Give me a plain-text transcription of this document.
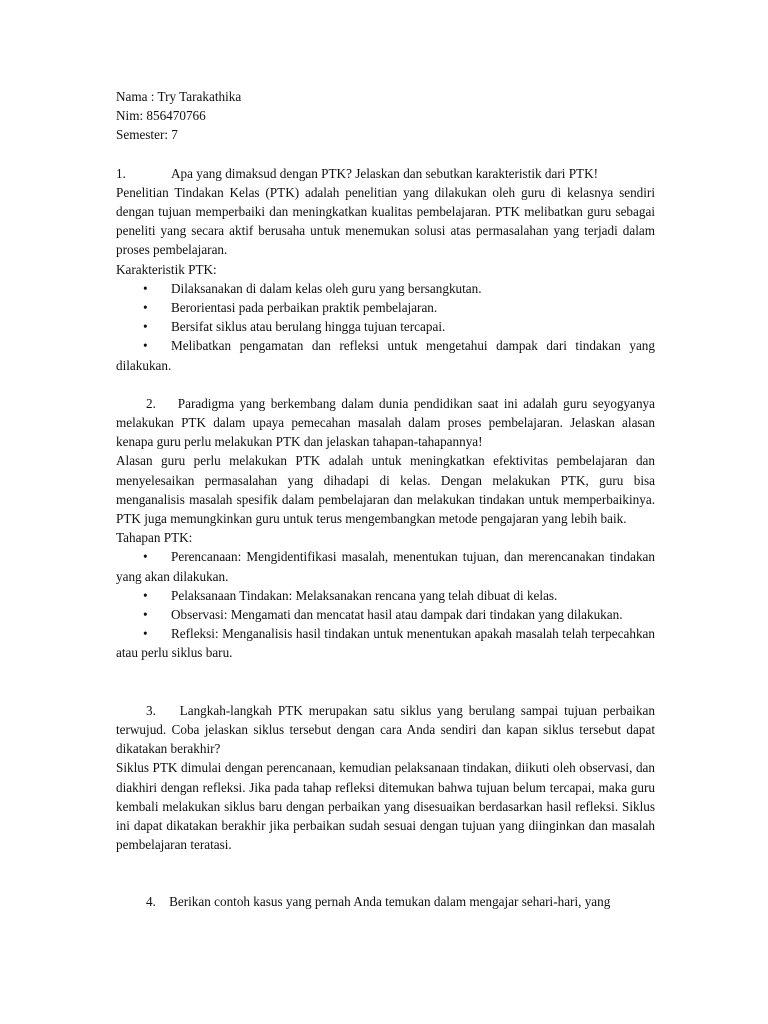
Nama : Try Tarakathika

Nim: 856470766

Semester: 7

1.	Apa yang dimaksud dengan PTK? Jelaskan dan sebutkan karakteristik dari PTK!

Penelitian Tindakan Kelas (PTK) adalah penelitian yang dilakukan oleh guru di kelasnya sendiri dengan tujuan memperbaiki dan meningkatkan kualitas pembelajaran. PTK melibatkan guru sebagai peneliti yang secara aktif berusaha untuk menemukan solusi atas permasalahan yang terjadi dalam proses pembelajaran.

Karakteristik PTK:

• Dilaksanakan di dalam kelas oleh guru yang bersangkutan.
• Berorientasi pada perbaikan praktik pembelajaran.
• Bersifat siklus atau berulang hingga tujuan tercapai.
• Melibatkan pengamatan dan refleksi untuk mengetahui dampak dari tindakan yang dilakukan.

2. Paradigma yang berkembang dalam dunia pendidikan saat ini adalah guru seyogyanya melakukan PTK dalam upaya pemecahan masalah dalam proses pembelajaran. Jelaskan alasan kenapa guru perlu melakukan PTK dan jelaskan tahapan-tahapannya!

Alasan guru perlu melakukan PTK adalah untuk meningkatkan efektivitas pembelajaran dan menyelesaikan permasalahan yang dihadapi di kelas. Dengan melakukan PTK, guru bisa menganalisis masalah spesifik dalam pembelajaran dan melakukan tindakan untuk memperbaikinya. PTK juga memungkinkan guru untuk terus mengembangkan metode pengajaran yang lebih baik.

Tahapan PTK:

• Perencanaan: Mengidentifikasi masalah, menentukan tujuan, dan merencanakan tindakan yang akan dilakukan.
• Pelaksanaan Tindakan: Melaksanakan rencana yang telah dibuat di kelas.
• Observasi: Mengamati dan mencatat hasil atau dampak dari tindakan yang dilakukan.
• Refleksi: Menganalisis hasil tindakan untuk menentukan apakah masalah telah terpecahkan atau perlu siklus baru.

3. Langkah-langkah PTK merupakan satu siklus yang berulang sampai tujuan perbaikan terwujud. Coba jelaskan siklus tersebut dengan cara Anda sendiri dan kapan siklus tersebut dapat dikatakan berakhir?

Siklus PTK dimulai dengan perencanaan, kemudian pelaksanaan tindakan, diikuti oleh observasi, dan diakhiri dengan refleksi. Jika pada tahap refleksi ditemukan bahwa tujuan belum tercapai, maka guru kembali melakukan siklus baru dengan perbaikan yang disesuaikan berdasarkan hasil refleksi. Siklus ini dapat dikatakan berakhir jika perbaikan sudah sesuai dengan tujuan yang diinginkan dan masalah pembelajaran teratasi.

4. Berikan contoh kasus yang pernah Anda temukan dalam mengajar sehari-hari, yang
